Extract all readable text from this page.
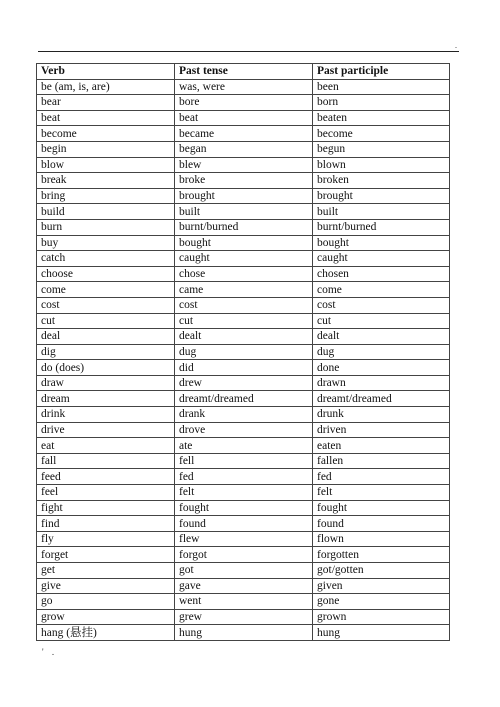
.
Verb	Past tense	Past participle
be (am, is, are)	was, were	been
bear	bore	born
beat	beat	beaten
become	became	become
begin	began	begun
blow	blew	blown
break	broke	broken
bring	brought	brought
build	built	built
burn	burnt/burned	burnt/burned
buy	bought	bought
catch	caught	caught
choose	chose	chosen
come	came	come
cost	cost	cost
cut	cut	cut
deal	dealt	dealt
dig	dug	dug
do (does)	did	done
draw	drew	drawn
dream	dreamt/dreamed	dreamt/dreamed
drink	drank	drunk
drive	drove	driven
eat	ate	eaten
fall	fell	fallen
feed	fed	fed
feel	felt	felt
fight	fought	fought
find	found	found
fly	flew	flown
forget	forgot	forgotten
get	got	got/gotten
give	gave	given
go	went	gone
grow	grew	grown
hang (悬挂)	hung	hung
' .
